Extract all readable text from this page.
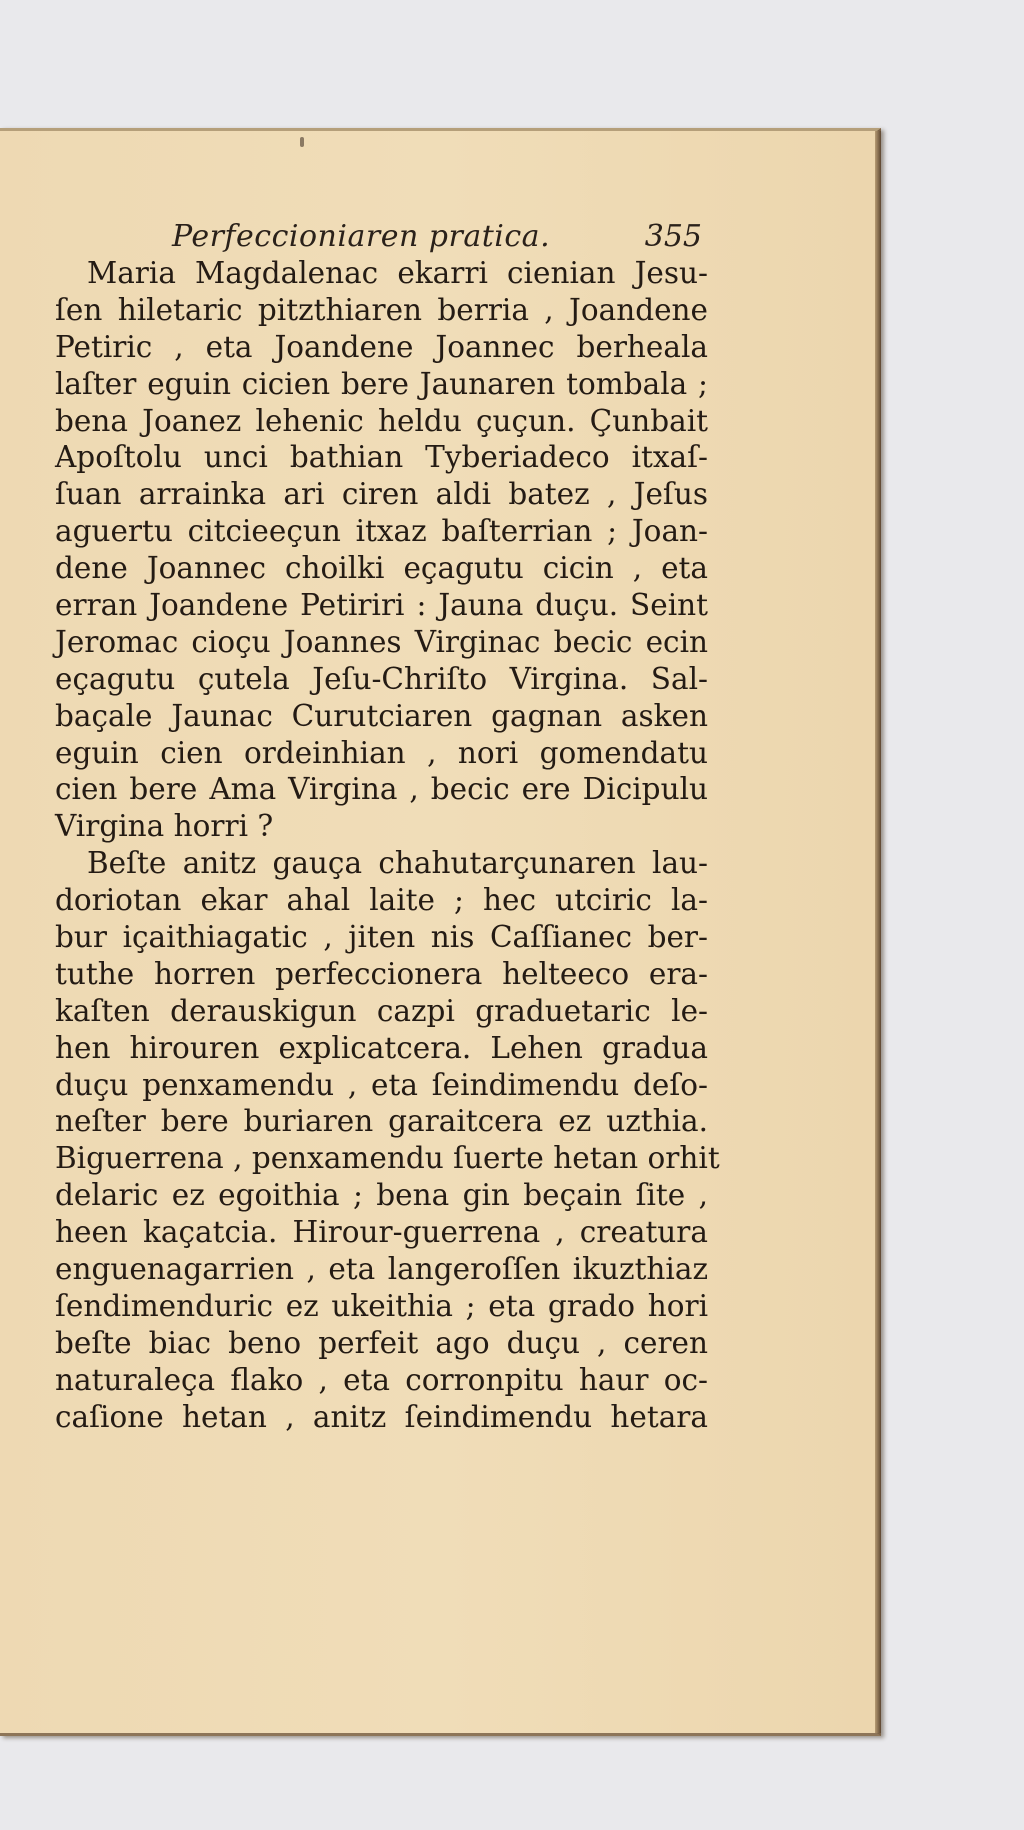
Perfeccioniaren pratica.	355
Maria Magdalenac ekarri cienian Jesu-
ſen hiletaric pitzthiaren berria , Joandene
Petiric , eta Joandene Joannec berheala
laſter eguin cicien bere Jaunaren tombala ;
bena Joanez lehenic heldu çuçun. Çunbait
Apoſtolu unci bathian Tyberiadeco itxaſ-
ſuan arrainka ari ciren aldi batez , Jeſus
aguertu citcieeçun itxaz baſterrian ; Joan-
dene Joannec choilki eçagutu cicin , eta
erran Joandene Petiriri : Jauna duçu. Seint
Jeromac cioçu Joannes Virginac becic ecin
eçagutu çutela Jeſu-Chriſto Virgina. Sal-
baçale Jaunac Curutciaren gagnan asken
eguin cien ordeinhian , nori gomendatu
cien bere Ama Virgina , becic ere Dicipulu
Virgina horri ?
Beſte anitz gauça chahutarçunaren lau-
doriotan ekar ahal laite ; hec utciric la-
bur içaithiagatic , jiten nis Caſſianec ber-
tuthe horren perfeccionera helteeco era-
kaſten derauskigun cazpi graduetaric le-
hen hirouren explicatcera. Lehen gradua
duçu penxamendu , eta ſeindimendu deſo-
neſter bere buriaren garaitcera ez uzthia.
Biguerrena , penxamendu ſuerte hetan orhit
delaric ez egoithia ; bena gin beçain ſite ,
heen kaçatcia. Hirour-guerrena , creatura
enguenagarrien , eta langeroſſen ikuzthiaz
ſendimenduric ez ukeithia ; eta grado hori
beſte biac beno perfeit ago duçu , ceren
naturaleça flako , eta corronpitu haur oc-
caſione hetan , anitz ſeindimendu hetara
